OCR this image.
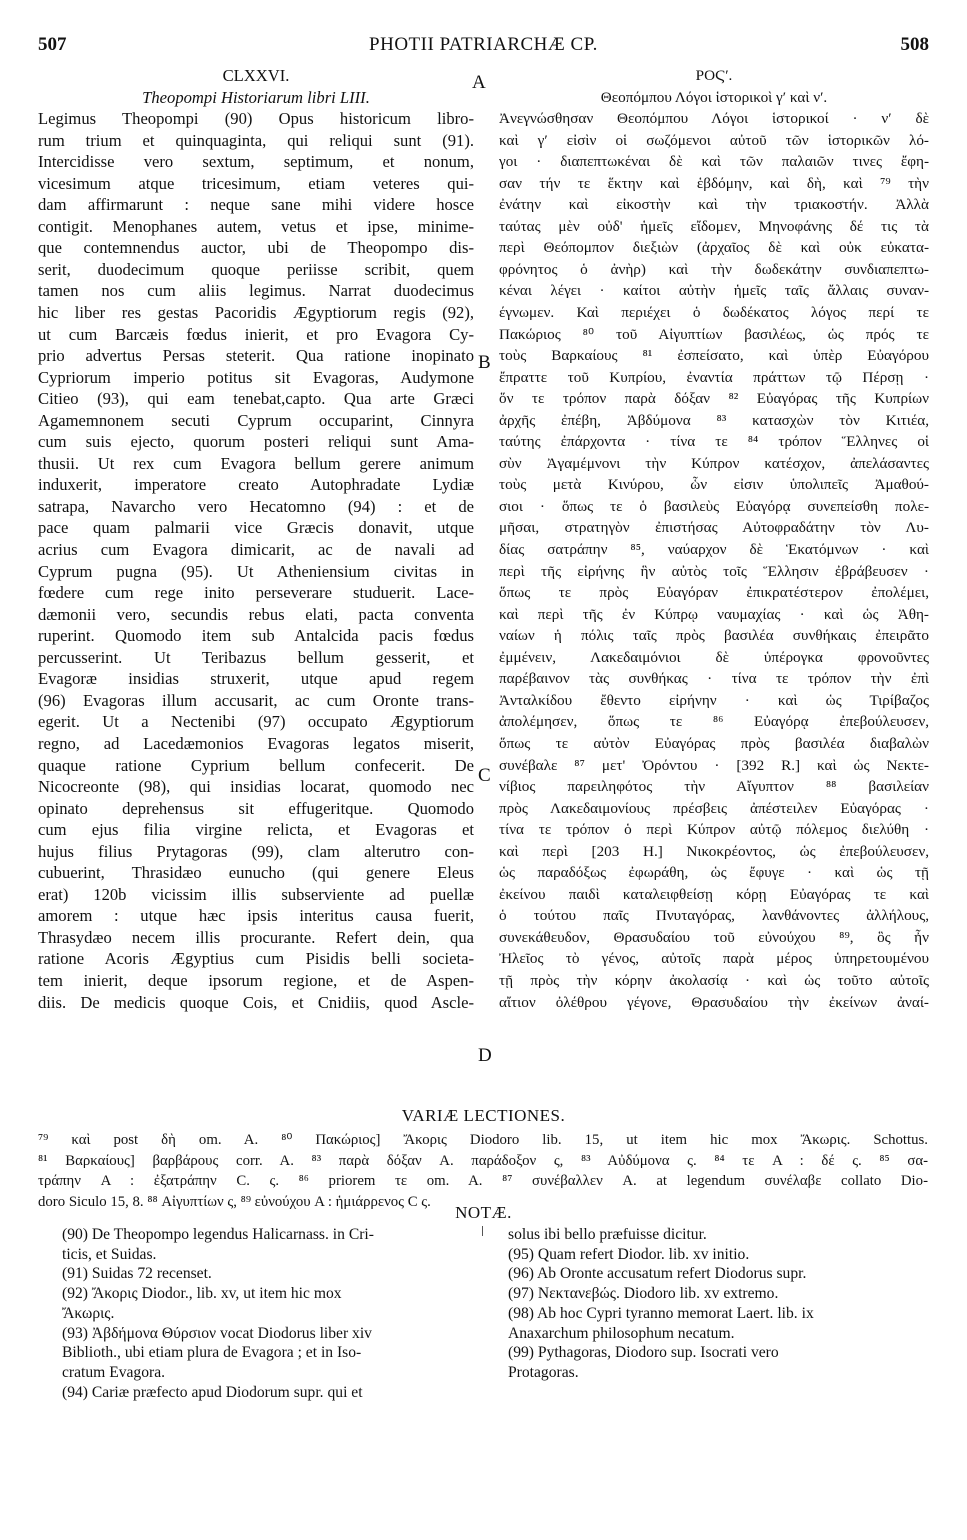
507	PHOTII PATRIARCHÆ CP.	508
A
B
C
D
CLXXVI.
Theopompi Historiarum libri LIII.
Legimus Theopompi (90) Opus historicum libro-
rum trium et quinquaginta, qui reliqui sunt (91).
Intercidisse vero sextum, septimum, et nonum,
vicesimum atque tricesimum, etiam veteres qui-
dam affirmarunt : neque sane mihi videre hosce
contigit. Menophanes autem, vetus et ipse, minime-
que contemnendus auctor, ubi de Theopompo dis-
serit, duodecimum quoque periisse scribit, quem
tamen nos cum aliis legimus. Narrat duodecimus
hic liber res gestas Pacoridis Ægyptiorum regis (92),
ut cum Barcæis fœdus inierit, et pro Evagora Cy-
prio advertus Persas steterit. Qua ratione inopinato
Cypriorum imperio potitus sit Evagoras, Audymone
Citieo (93), qui eam tenebat,capto. Qua arte Græci
Agamemnonem secuti Cyprum occuparint, Cinnyra
cum suis ejecto, quorum posteri reliqui sunt Ama-
thusii. Ut rex cum Evagora bellum gerere animum
induxerit, imperatore creato Autophradate Lydiæ
satrapa, Navarcho vero Hecatomno (94) : et de
pace quam palmarii vice Græcis donavit, utque
acrius cum Evagora dimicarit, ac de navali ad
Cyprum pugna (95). Ut Atheniensium civitas in
fœdere cum rege inito perseverare studuerit. Lace-
dæmonii vero, secundis rebus elati, pacta conventa
ruperint. Quomodo item sub Antalcida pacis fœdus
percusserint. Ut Teribazus bellum gesserit, et
Evagoræ insidias struxerit, utque apud regem
(96) Evagoras illum accusarit, ac cum Oronte trans-
egerit. Ut a Nectenibi (97) occupato Ægyptiorum
regno, ad Lacedæmonios Evagoras legatos miserit,
quaque ratione Cyprium bellum confecerit. De
Nicocreonte (98), qui insidias locarat, quomodo nec
opinato deprehensus sit effugeritque. Quomodo
cum ejus filia virgine relicta, et Evagoras et
hujus filius Prytagoras (99), clam alterutro con-
cubuerint, Thrasidæo eunucho (qui genere Eleus
erat) 120b vicissim illis subserviente ad puellæ
amorem : utque hæc ipsis interitus causa fuerit,
Thrasydæo necem illis procurante. Refert dein, qua
ratione Acoris Ægyptius cum Pisidis belli societa-
tem inierit, deque ipsorum regione, et de Aspen-
diis. De medicis quoque Cois, et Cnidiis, quod Ascle-
ΡΟϚʹ.
Θεοπόμπου Λόγοι ἱστορικοὶ γʹ καὶ νʹ.
Ἀνεγνώσθησαν Θεοπόμπου Λόγοι ἱστορικοί · νʹ δὲ
καὶ γʹ εἰσὶν οἱ σωζόμενοι αὐτοῦ τῶν ἱστορικῶν λό-
γοι · διαπεπτωκέναι δὲ καὶ τῶν παλαιῶν τινες ἔφη-
σαν τήν τε ἕκτην καὶ ἑβδόμην, καὶ δὴ, καὶ ⁷⁹ τὴν
ἐνάτην καὶ εἰκοστὴν καὶ τὴν τριακοστήν. Ἀλλὰ
ταύτας μὲν οὐδ' ἡμεῖς εἴδομεν, Μηνοφάνης δέ τις τὰ
περὶ Θεόπομπον διεξιὼν (ἀρχαῖος δὲ καὶ οὐκ εὐκατα-
φρόνητος ὁ ἀνὴρ) καὶ τὴν δωδεκάτην συνδιαπεπτω-
κέναι λέγει · καίτοι αὐτὴν ἡμεῖς ταῖς ἄλλαις συναν-
έγνωμεν. Καὶ περιέχει ὁ δωδέκατος λόγος περί τε
Πακώριος ⁸⁰ τοῦ Αἰγυπτίων βασιλέως, ὡς πρός τε
τοὺς Βαρκαίους ⁸¹ ἐσπείσατο, καὶ ὑπὲρ Εὐαγόρου
ἔπραττε τοῦ Κυπρίου, ἐναντία πράττων τῷ Πέρσῃ ·
ὅν τε τρόπον παρὰ δόξαν ⁸² Εὐαγόρας τῆς Κυπρίων
ἀρχῆς ἐπέβη, Ἀβδύμονα ⁸³ κατασχὼν τὸν Κιτιέα,
ταύτης ἐπάρχοντα · τίνα τε ⁸⁴ τρόπον Ἕλληνες οἱ
σὺν Ἀγαμέμνονι τὴν Κύπρον κατέσχον, ἀπελάσαντες
τοὺς μετὰ Κινύρου, ὧν εἰσιν ὑπολιπεῖς Ἀμαθού-
σιοι · ὅπως τε ὁ βασιλεὺς Εὐαγόρᾳ συνεπείσθη πολε-
μῆσαι, στρατηγὸν ἐπιστήσας Αὐτοφραδάτην τὸν Λυ-
δίας σατράπην ⁸⁵, ναύαρχον δὲ Ἑκατόμνων · καὶ
περὶ τῆς εἰρήνης ἣν αὐτὸς τοῖς Ἕλλησιν ἐβράβευσεν ·
ὅπως τε πρὸς Εὐαγόραν ἐπικρατέστερον ἐπολέμει,
καὶ περὶ τῆς ἐν Κύπρῳ ναυμαχίας · καὶ ὡς Ἀθη-
ναίων ἡ πόλις ταῖς πρὸς βασιλέα συνθήκαις ἐπειρᾶτο
ἐμμένειν, Λακεδαιμόνιοι δὲ ὑπέρογκα φρονοῦντες
παρέβαινον τὰς συνθήκας · τίνα τε τρόπον τὴν ἐπὶ
Ἀνταλκίδου ἔθεντο εἰρήνην · καὶ ὡς Τιρίβαζος
ἀπολέμησεν, ὅπως τε ⁸⁶ Εὐαγόρᾳ ἐπεβούλευσεν,
ὅπως τε αὐτὸν Εὐαγόρας πρὸς βασιλέα διαβαλὼν
συνέβαλε ⁸⁷ μετ' Ὀρόντου · [392 R.] καὶ ὡς Νεκτε-
νίβιος παρειληφότος τὴν Αἴγυπτον ⁸⁸ βασιλείαν
πρὸς Λακεδαιμονίους πρέσβεις ἀπέστειλεν Εὐαγόρας ·
τίνα τε τρόπον ὁ περὶ Κύπρον αὐτῷ πόλεμος διελύθη ·
καὶ περὶ [203 H.] Νικοκρέοντος, ὡς ἐπεβούλευσεν,
ὡς παραδόξως ἐφωράθη, ὡς ἔφυγε · καὶ ὡς τῇ
ἐκείνου παιδὶ καταλειφθείσῃ κόρῃ Εὐαγόρας τε καὶ
ὁ τούτου παῖς Πνυταγόρας, λανθάνοντες ἀλλήλους,
συνεκάθευδον, Θρασυδαίου τοῦ εὐνούχου ⁸⁹, ὃς ἦν
Ἠλεῖος τὸ γένος, αὐτοῖς παρὰ μέρος ὑπηρετουμένου
τῇ πρὸς τὴν κόρην ἀκολασίᾳ · καὶ ὡς τοῦτο αὐτοῖς
αἴτιον ὀλέθρου γέγονε, Θρασυδαίου τὴν ἐκείνων ἀναί-
VARIÆ LECTIONES.
⁷⁹ καὶ post δὴ om. A. ⁸⁰ Πακώριος] Ἄκορις Diodoro lib. 15, ut item hic mox Ἄκωρις. Schottus.
⁸¹ Βαρκαίους] βαρβάρους corr. A. ⁸³ παρὰ δόξαν A. παράδοξον ς, ⁸³ Αὐδύμονα ς. ⁸⁴ τε A : δέ ς. ⁸⁵ σα-
τράπην A : ἐξατράπην C. ς. ⁸⁶ priorem τε om. A. ⁸⁷ συνέβαλλεν A. at legendum συνέλαβε collato Dio-
doro Siculo 15, 8. ⁸⁸ Αἰγυπτίων ς, ⁸⁹ εὐνούχου A : ἡμιάρρενος C ς.
NOTÆ.
(90) De Theopompo legendus Halicarnass. in Cri-
ticis, et Suidas.
(91) Suidas 72 recenset.
(92) Ἄκορις Diodor., lib. xv, ut item hic mox
Ἄκωρις.
(93) Ἀβδήμονα Θύρσιον vocat Diodorus liber xiv
Biblioth., ubi etiam plura de Evagora ; et in Iso-
cratum Evagora.
(94) Cariæ præfecto apud Diodorum supr. qui et
solus ibi bello præfuisse dicitur.
(95) Quam refert Diodor. lib. xv initio.
(96) Ab Oronte accusatum refert Diodorus supr.
(97) Νεκτανεβώς. Diodoro lib. xv extremo.
(98) Ab hoc Cypri tyranno memorat Laert. lib. ix
Anaxarchum philosophum necatum.
(99) Pythagoras, Diodoro sup. Isocrati vero
Protagoras.
